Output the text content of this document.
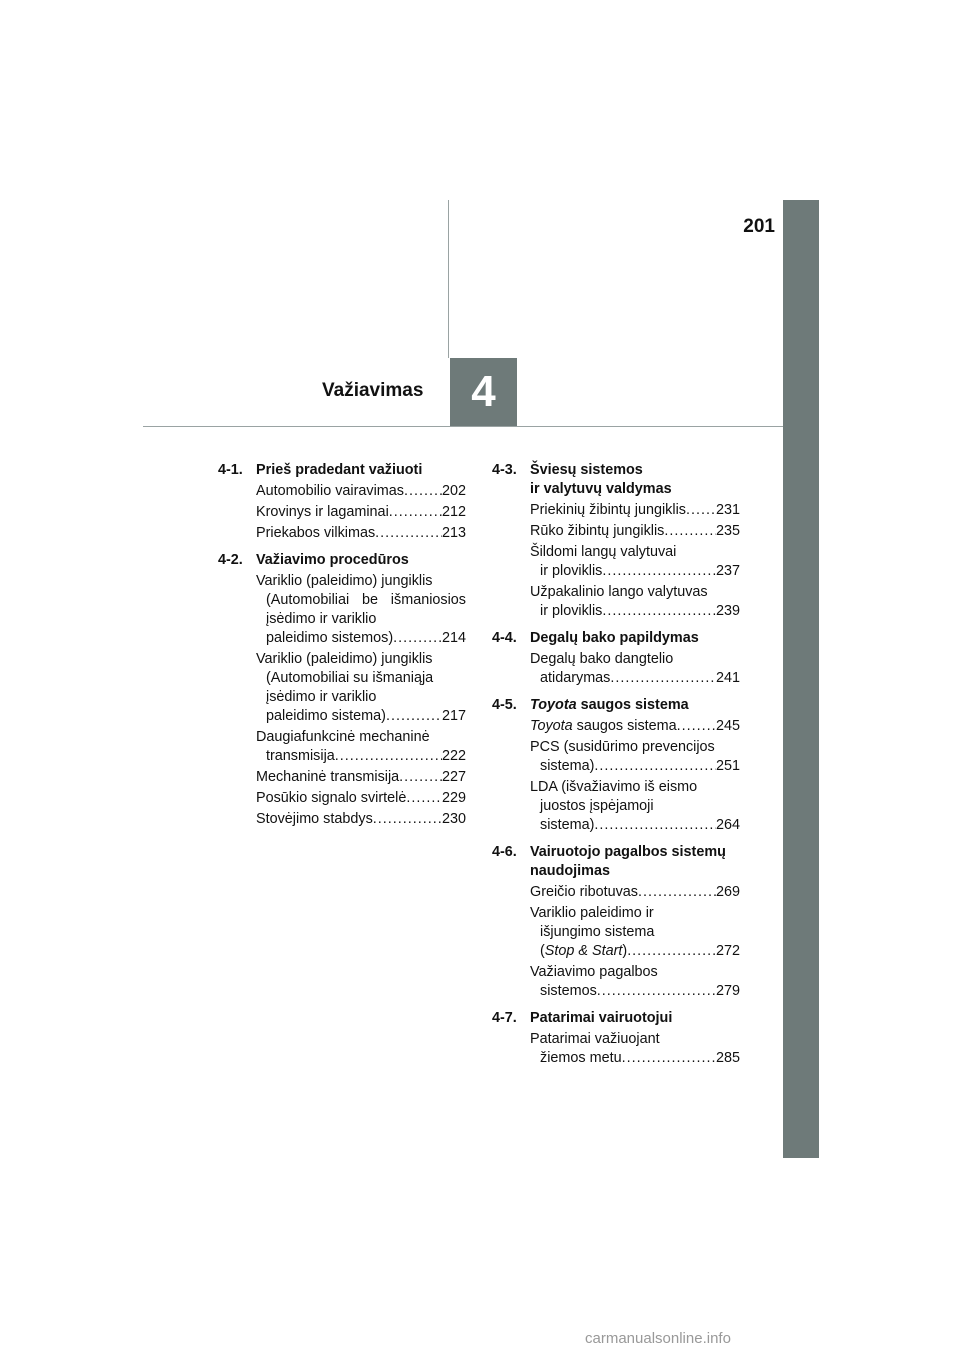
201
4
Važiavimas
4-1. Prieš pradedant važiuoti
Automobilio vairavimas .....	202
Krovinys ir lagaminai .....	212
Priekabos vilkimas .....	213
4-2. Važiavimo procedūros
Variklio (paleidimo) jungiklis
(Automobiliai be išmaniosios
įsėdimo ir variklio
paleidimo sistemos) .....	214
Variklio (paleidimo) jungiklis
(Automobiliai su išmaniąja
įsėdimo ir variklio
paleidimo sistema) .....	217
Daugiafunkcinė mechaninė
transmisija .....	222
Mechaninė transmisija .....	227
Posūkio signalo svirtelė ..... 229
Stovėjimo stabdys .....	230
4-3. Šviesų sistemos
ir valytuvų valdymas
Priekinių žibintų jungiklis ..... 231
Rūko žibintų jungiklis .....	235
Šildomi langų valytuvai
ir ploviklis .....	237
Užpakalinio lango valytuvas
ir ploviklis .....	239
4-4. Degalų bako papildymas
Degalų bako dangtelio
atidarymas .....	241
4-5. Toyota saugos sistema
Toyota saugos sistema .....	245
PCS (susidūrimo prevencijos
sistema) .....	251
LDA (išvažiavimo iš eismo
juostos įspėjamoji
sistema) .....	264
4-6. Vairuotojo pagalbos sistemų
naudojimas
Greičio ribotuvas .....	269
Variklio paleidimo ir
išjungimo sistema
(Stop & Start) .....	272
Važiavimo pagalbos
sistemos .....	279
4-7. Patarimai vairuotojui
Patarimai važiuojant
žiemos metu .....	285
carmanualsonline.info
